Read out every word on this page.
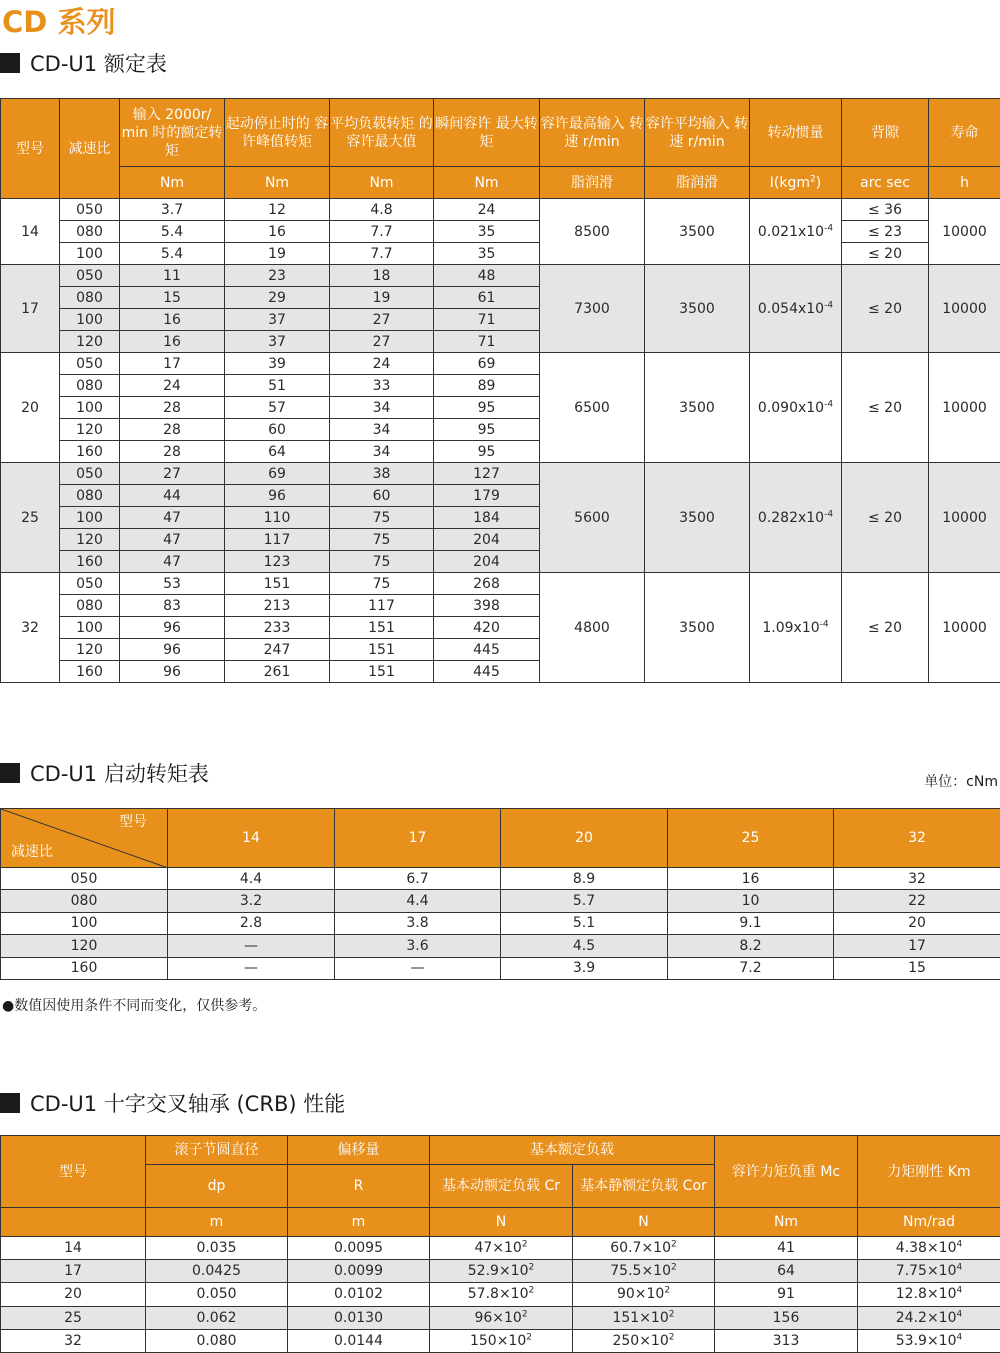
CD 系列
CD-U1 额定表
型号	减速比	输入 2000r/ min 时的额定转矩	起动停止时的 容许峰值转矩	平均负载转矩 的容许最大值	瞬间容许 最大转矩	容许最高输入 转速 r/min	容许平均输入 转速 r/min	转动惯量	背隙	寿命
		Nm	Nm	Nm	Nm	脂润滑	脂润滑	I(kgm$^2$)	arc sec	h
14	050	3.7	12	4.8	24	8500	3500	$0.021x10^{-4}$	≤ 36	10000
	080	5.4	16	7.7	35				≤ 23	
	100	5.4	19	7.7	35				≤ 20	
17	050	11	23	18	48	7300	3500	$0.054x10^{-4}$	≤ 20	10000
	080	15	29	19	61					
	100	16	37	27	71					
	120	16	37	27	71					
20	050	17	39	24	69	6500	3500	$0.090x10^{-4}$	≤ 20	10000
	080	24	51	33	89					
	100	28	57	34	95					
	120	28	60	34	95					
	160	28	64	34	95					
25	050	27	69	38	127	5600	3500	$0.282x10^{-4}$	≤ 20	10000
	080	44	96	60	179					
	100	47	110	75	184					
	120	47	117	75	204					
	160	47	123	75	204					
32	050	53	151	75	268	4800	3500	$1.09x10^{-4}$	≤ 20	10000
	080	83	213	117	398					
	100	96	233	151	420					
	120	96	247	151	445					
	160	96	261	151	445					
CD-U1 启动转矩表	单位：cNm
型号
减速比	14	17	20	25	32
050	4.4	6.7	8.9	16	32
080	3.2	4.4	5.7	10	22
100	2.8	3.8	5.1	9.1	20
120	—	3.6	4.5	8.2	17
160	—	—	3.9	7.2	15
●数值因使用条件不同而变化，仅供参考。
CD-U1 十字交叉轴承 (CRB) 性能
型号	滚子节圆直径	偏移量	基本额定负载		容许力矩负重 Mc	力矩刚性 Km
	dp	R	基本动额定负载 Cr	基本静额定负载 Cor		
	m	m	N	N	Nm	Nm/rad
14	0.035	0.0095	$47\times 10^2$	$60.7\times 10^2$	41	$4.38\times 10^4$
17	0.0425	0.0099	$52.9\times 10^2$	$75.5\times 10^2$	64	$7.75\times 10^4$
20	0.050	0.0102	$57.8\times 10^2$	$90\times 10^2$	91	$12.8\times 10^4$
25	0.062	0.0130	$96\times 10^2$	$151\times 10^2$	156	$24.2\times 10^4$
32	0.080	0.0144	$150\times 10^2$	$250\times 10^2$	313	$53.9\times 10^4$
